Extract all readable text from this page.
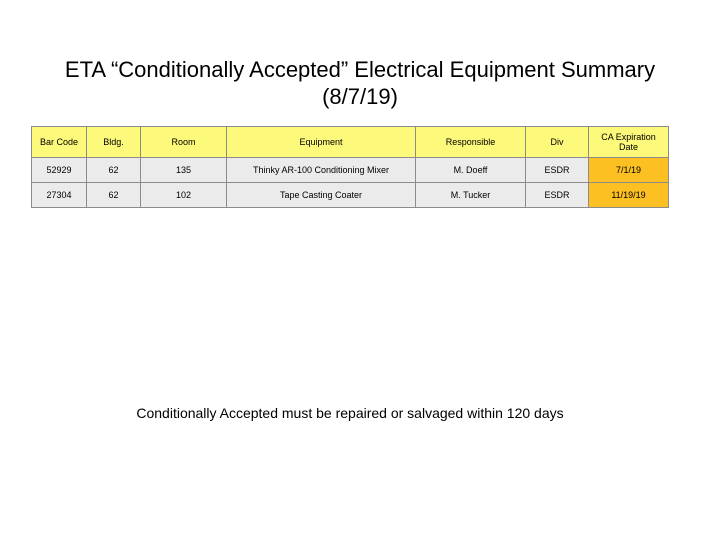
ETA “Conditionally Accepted” Electrical Equipment Summary
(8/7/19)
Bar Code	Bldg.	Room	Equipment	Responsible	Div	CA Expiration Date
52929	62	135	Thinky AR-100 Conditioning Mixer	M. Doeff	ESDR	7/1/19
27304	62	102	Tape Casting Coater	M. Tucker	ESDR	11/19/19
Conditionally Accepted must be repaired or salvaged within 120 days
